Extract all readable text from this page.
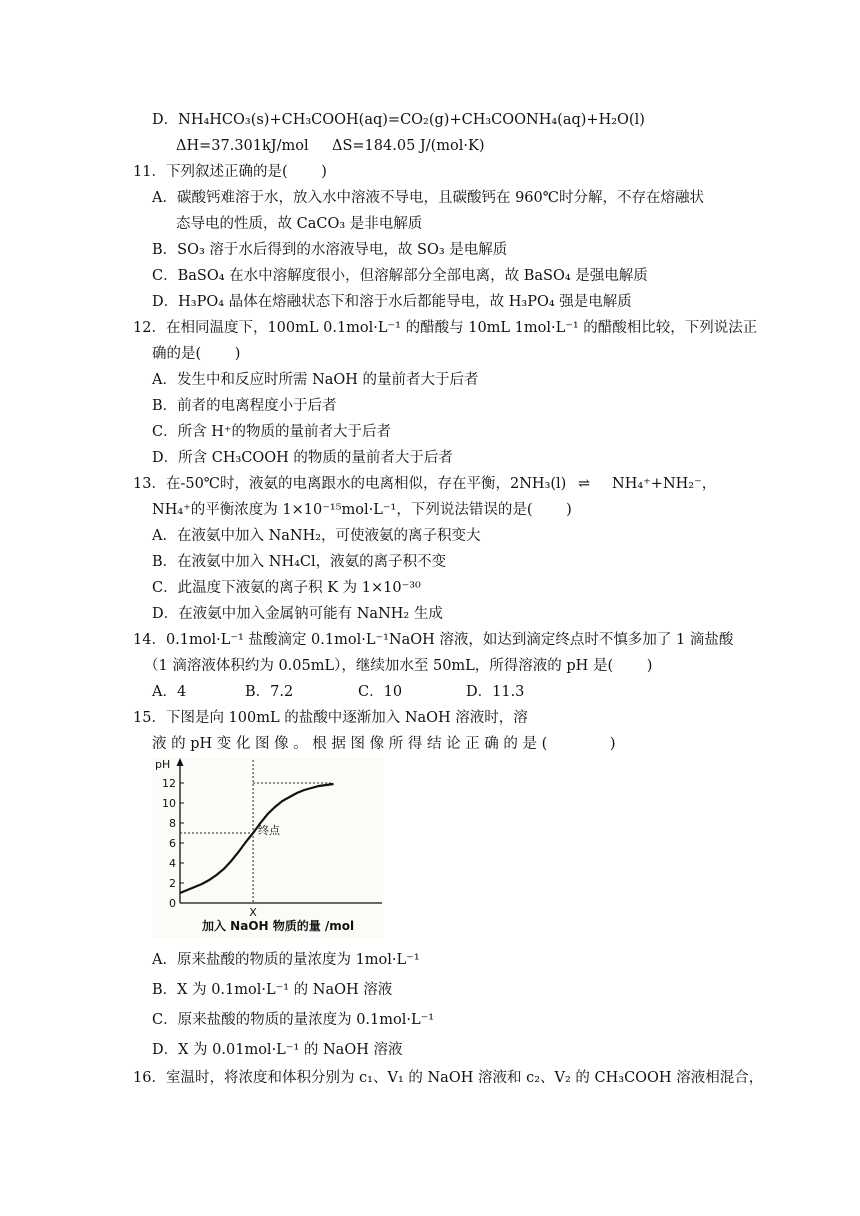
D．NH₄HCO₃(s)+CH₃COOH(aq)=CO₂(g)+CH₃COONH₄(aq)+H₂O(l)
ΔH=37.301kJ/mol ΔS=184.05 J/(mol·K)
11．下列叙述正确的是(　　 )
A．碳酸钙难溶于水，放入水中溶液不导电，且碳酸钙在 960℃时分解，不存在熔融状
态导电的性质，故 CaCO₃ 是非电解质
B．SO₃ 溶于水后得到的水溶液导电，故 SO₃ 是电解质
C．BaSO₄ 在水中溶解度很小，但溶解部分全部电离，故 BaSO₄ 是强电解质
D．H₃PO₄ 晶体在熔融状态下和溶于水后都能导电，故 H₃PO₄ 强是电解质
12．在相同温度下，100mL 0.1mol·L⁻¹ 的醋酸与 10mL 1mol·L⁻¹ 的醋酸相比较，下列说法正
确的是(　　 )
A．发生中和反应时所需 NaOH 的量前者大于后者
B．前者的电离程度小于后者
C．所含 H⁺的物质的量前者大于后者
D．所含 CH₃COOH 的物质的量前者大于后者
13．在-50℃时，液氨的电离跟水的电离相似，存在平衡，2NH₃(l) ⇌ NH₄⁺+NH₂⁻，
NH₄⁺的平衡浓度为 1×10⁻¹⁵mol·L⁻¹，下列说法错误的是(　　 )
A．在液氨中加入 NaNH₂，可使液氨的离子积变大
B．在液氨中加入 NH₄Cl，液氨的离子积不变
C．此温度下液氨的离子积 K 为 1×10⁻³⁰
D．在液氨中加入金属钠可能有 NaNH₂ 生成
14．0.1mol·L⁻¹ 盐酸滴定 0.1mol·L⁻¹NaOH 溶液，如达到滴定终点时不慎多加了 1 滴盐酸
（1 滴溶液体积约为 0.05mL），继续加水至 50mL，所得溶液的 pH 是(　　 )
A．4	B．7.2	C．10	D．11.3
15．下图是向 100mL 的盐酸中逐渐加入 NaOH 溶液时，溶
液 的 pH 变 化 图 像 。 根 据 图 像 所 得 结 论 正 确 的 是 (　　　　 )
pH
0
2
4
6
8
10
12
X
终点
加入 NaOH 物质的量 /mol
A．原来盐酸的物质的量浓度为 1mol·L⁻¹
B．X 为 0.1mol·L⁻¹ 的 NaOH 溶液
C．原来盐酸的物质的量浓度为 0.1mol·L⁻¹
D．X 为 0.01mol·L⁻¹ 的 NaOH 溶液
16．室温时，将浓度和体积分别为 c₁、V₁ 的 NaOH 溶液和 c₂、V₂ 的 CH₃COOH 溶液相混合，
